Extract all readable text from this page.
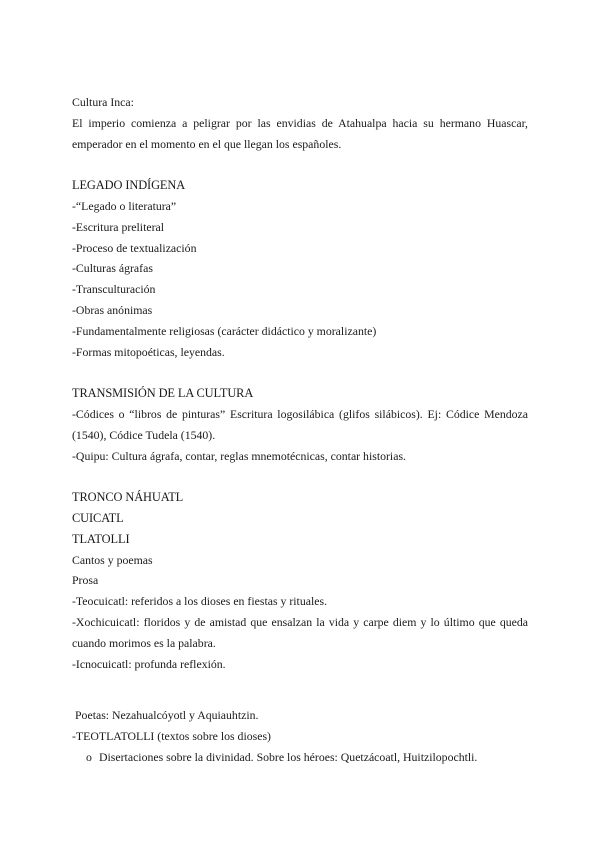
Cultura Inca:

El imperio comienza a peligrar por las envidias de Atahualpa hacia su hermano Huascar, emperador en el momento en el que llegan los españoles.

LEGADO INDÍGENA

-“Legado o literatura”

-Escritura preliteral

-Proceso de textualización

-Culturas ágrafas

-Transculturación

-Obras anónimas

-Fundamentalmente religiosas (carácter didáctico y moralizante)

-Formas mitopoéticas, leyendas.

TRANSMISIÓN DE LA CULTURA

-Códices o “libros de pinturas” Escritura logosilábica (glifos silábicos). Ej: Códice Mendoza (1540), Códice Tudela (1540).

-Quipu: Cultura ágrafa, contar, reglas mnemotécnicas, contar historias.

TRONCO NÁHUATL

CUICATL

TLATOLLI

Cantos y poemas

Prosa

-Teocuicatl: referidos a los dioses en fiestas y rituales.

-Xochicuicatl: floridos y de amistad que ensalzan la vida y carpe diem y lo último que queda cuando morimos es la palabra.

-Icnocuicatl: profunda reflexión.

Poetas: Nezahualcóyotl y Aquiauhtzin.

-TEOTLATOLLI (textos sobre los dioses)

o Disertaciones sobre la divinidad. Sobre los héroes: Quetzácoatl, Huitzilopochtli.
